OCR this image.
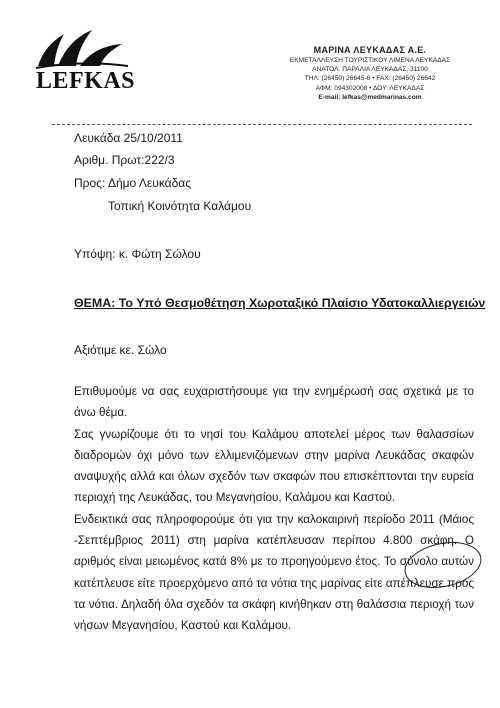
LEFKAS
ΜΑΡΙΝΑ ΛΕΥΚΑΔΑΣ Α.Ε.
ΕΚΜΕΤΑΛΛΕΥΣΗ ΤΟΥΡΙΣΤΙΚΟΥ ΛΙΜΕΝΑ ΛΕΥΚΑΔΑΣ
ΑΝΑΤΟΛ. ΠΑΡΑΛΙΑ ΛΕΥΚΑΔΑΣ, 31100
ΤΗΛ: (26450) 26645-6 • FAX: (26450) 26642
ΑΦΜ: 094302008 • ΔΟΥ: ΛΕΥΚΑΔΑΣ
E-mail: lefkas@medmarinas.com
Λευκάδα 25/10/2011
Αριθμ. Πρωτ:222/3
Προς: Δήμο Λευκάδας
Τοπική Κοινότητα Καλάμου
Υπόψη: κ. Φώτη Σώλου
ΘΕΜΑ: Το Υπό Θεσμοθέτηση Χωροταξικό Πλαίσιο Υδατοκαλλιεργειών
Αξιότιμε κε. Σώλο

Επιθυμούμε να σας ευχαριστήσουμε για την ενημέρωσή σας σχετικά με το άνω θέμα.

Σας γνωρίζουμε ότι το νησί του Καλάμου αποτελεί μέρος των θαλασσίων διαδρομών όχι μόνο των ελλιμενιζόμενων στην μαρίνα Λευκάδας σκαφών αναψυχής αλλά και όλων σχεδόν των σκαφών που επισκέπτονται την ευρεία περιοχή της Λευκάδας, του Μεγανησίου, Καλάμου και Καστού.

Ενδεικτικά σας πληροφορούμε ότι για την καλοκαιρινή περίοδο 2011 (Μάιος -Σεπτέμβριος 2011) στη μαρίνα κατέπλευσαν περίπου 4.800 σκάφη. Ο αριθμός είναι μειωμένος κατά 8% με το προηγούμενο έτος. Το σύνολο αυτών κατέπλευσε είτε προερχόμενο από τα νότια της μαρίνας είτε απέπλευσε προς τα νότια. Δηλαδή όλα σχεδόν τα σκάφη κινήθηκαν στη θαλάσσια περιοχή των νήσων Μεγανησίου, Καστού και Καλάμου.
